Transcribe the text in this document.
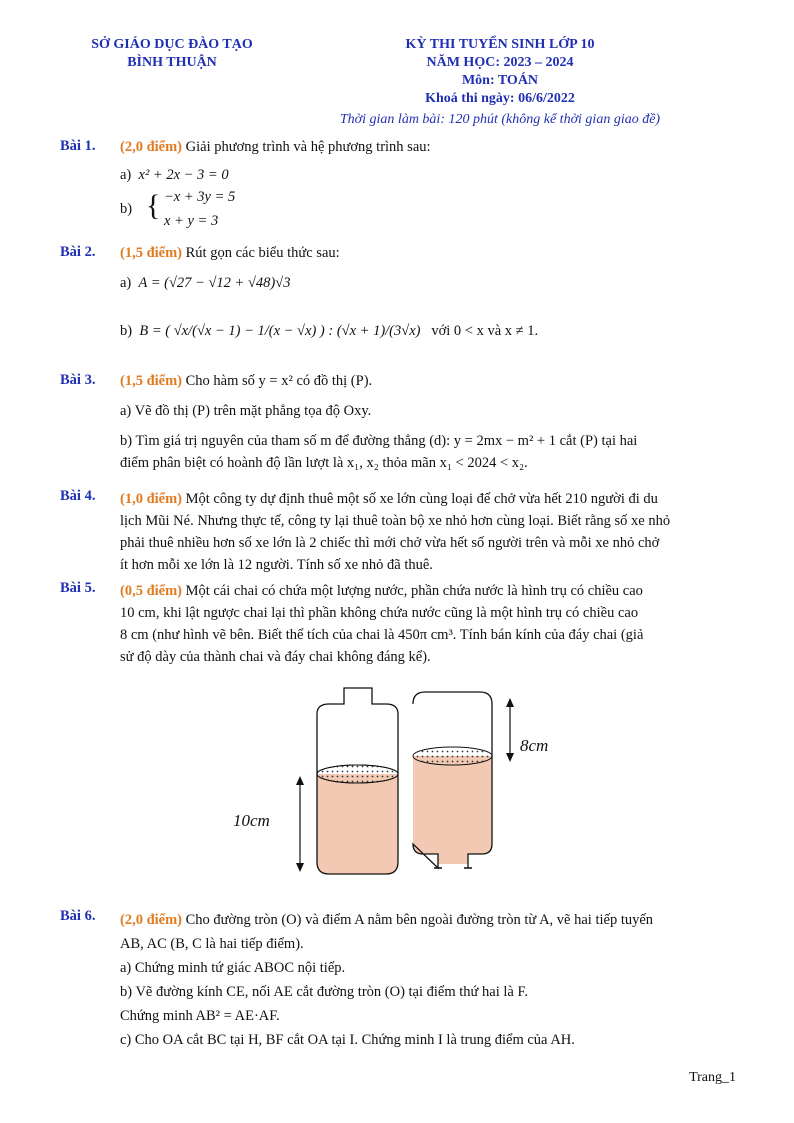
SỞ GIÁO DỤC ĐÀO TẠO
BÌNH THUẬN
KỲ THI TUYỂN SINH LỚP 10
NĂM HỌC: 2023 – 2024
Môn: TOÁN
Khoá thi ngày: 06/6/2022
Thời gian làm bài: 120 phút (không kể thời gian giao đề)
Bài 1. (2,0 điểm) Giải phương trình và hệ phương trình sau:
a) x² + 2x − 3 = 0
b) { −x + 3y = 5
x + y = 3
Bài 2. (1,5 điểm) Rút gọn các biểu thức sau:
a) A = (√27 − √12 + √48)√3
b) B = ( √x/(√x − 1) − 1/(x − √x) ) : (√x + 1)/(3√x) với 0 < x và x ≠ 1.
Bài 3. (1,5 điểm) Cho hàm số y = x² có đồ thị (P).
a) Vẽ đồ thị (P) trên mặt phẳng tọa độ Oxy.
b) Tìm giá trị nguyên của tham số m để đường thẳng (d): y = 2mx − m² + 1 cắt (P) tại hai
điểm phân biệt có hoành độ lần lượt là x₁, x₂ thỏa mãn x₁ < 2024 < x₂.
Bài 4. (1,0 điểm) Một công ty dự định thuê một số xe lớn cùng loại để chở vừa hết 210 người đi du
lịch Mũi Né. Nhưng thực tế, công ty lại thuê toàn bộ xe nhỏ hơn cùng loại. Biết rằng số xe nhỏ
phải thuê nhiều hơn số xe lớn là 2 chiếc thì mới chở vừa hết số người trên và mỗi xe nhỏ chở
ít hơn mỗi xe lớn là 12 người. Tính số xe nhỏ đã thuê.
Bài 5. (0,5 điểm) Một cái chai có chứa một lượng nước, phần chứa nước là hình trụ có chiều cao
10 cm, khi lật ngược chai lại thì phần không chứa nước cũng là một hình trụ có chiều cao
8 cm (như hình vẽ bên. Biết thể tích của chai là 450π cm³. Tính bán kính của đáy chai (giả
sử độ dày của thành chai và đáy chai không đáng kể).
10cm
8cm
Bài 6. (2,0 điểm) Cho đường tròn (O) và điểm A nằm bên ngoài đường tròn từ A, vẽ hai tiếp tuyến
AB, AC (B, C là hai tiếp điểm).
a) Chứng minh tứ giác ABOC nội tiếp.
b) Vẽ đường kính CE, nối AE cắt đường tròn (O) tại điểm thứ hai là F.
Chứng minh AB² = AE·AF.
c) Cho OA cắt BC tại H, BF cắt OA tại I. Chứng minh I là trung điểm của AH.
Trang_1
